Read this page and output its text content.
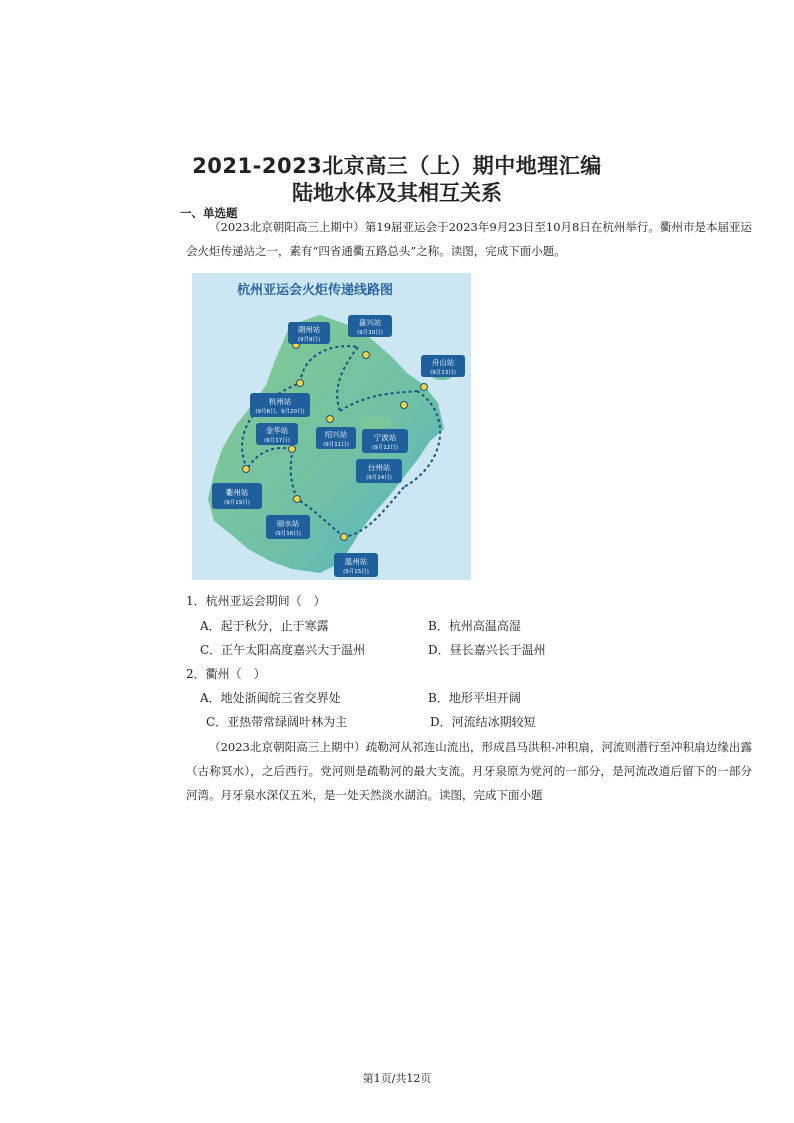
2021-2023北京高三（上）期中地理汇编
陆地水体及其相互关系
一、单选题
（2023北京朝阳高三上期中）第19届亚运会于2023年9月23日至10月8日在杭州举行。衢州市是本届亚运会火炬传递站之一，素有“四省通衢五路总头”之称。读图，完成下面小题。
杭州亚运会火炬传递线路图
湖州站
(9月9日)
嘉兴站
(9月10日)
舟山站
(9月13日)
杭州站
(9月8日、9月20日)
金华站
(9月17日)
绍兴站
(9月11日)
宁波站
(9月12日)
台州站
(9月14日)
衢州站
(9月19日)
丽水站
(9月16日)
温州站
(9月15日)
1．杭州亚运会期间（　）
A．起于秋分，止于寒露	B．杭州高温高湿
C．正午太阳高度嘉兴大于温州	D．昼长嘉兴长于温州
2．衢州（　）
A．地处浙闽皖三省交界处	B．地形平坦开阔
C．亚热带常绿阔叶林为主	D．河流结冰期较短
（2023北京朝阳高三上期中）疏勒河从祁连山流出，形成昌马洪积-冲积扇，河流则潜行至冲积扇边缘出露（古称冥水），之后西行。党河则是疏勒河的最大支流。月牙泉原为党河的一部分，是河流改道后留下的一部分河湾。月牙泉水深仅五米，是一处天然淡水湖泊。读图，完成下面小题
第1页/共12页
